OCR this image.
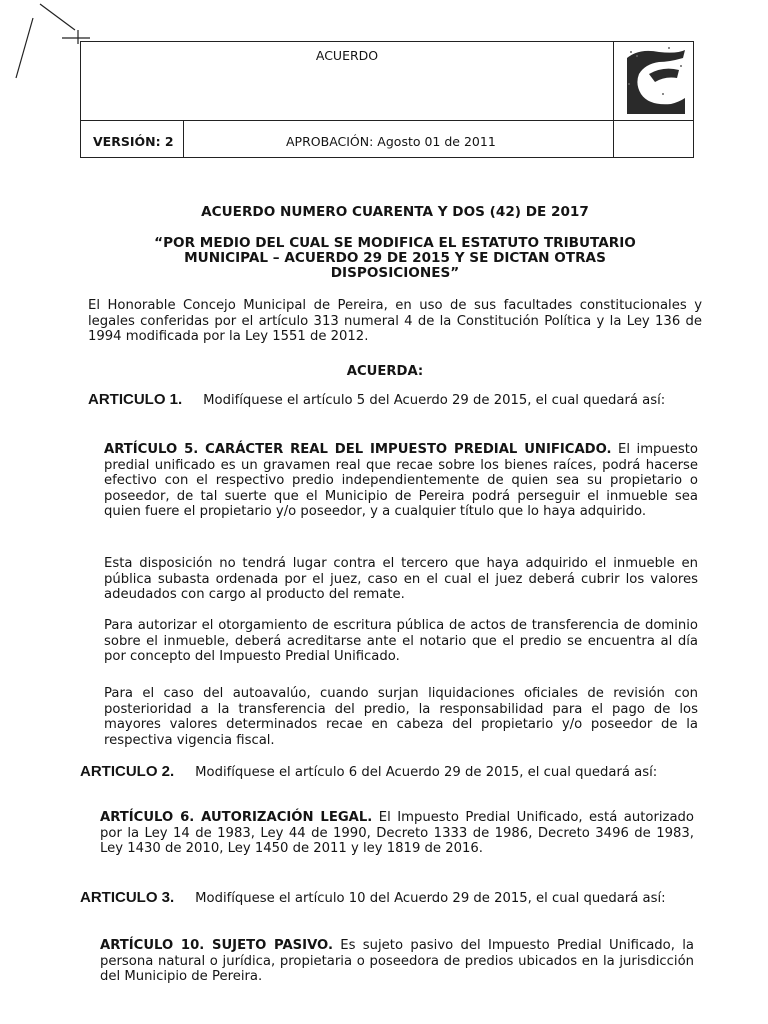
ACUERDO
VERSIÓN: 2	APROBACIÓN: Agosto 01 de 2011
ACUERDO NUMERO CUARENTA Y DOS (42) DE 2017
“POR MEDIO DEL CUAL SE MODIFICA EL ESTATUTO TRIBUTARIO MUNICIPAL – ACUERDO 29 DE 2015 Y SE DICTAN OTRAS DISPOSICIONES”
El Honorable Concejo Municipal de Pereira, en uso de sus facultades constitucionales y legales conferidas por el artículo 313 numeral 4 de la Constitución Política y la Ley 136 de 1994 modificada por la Ley 1551 de 2012.
ACUERDA:
ARTICULO 1. Modifíquese el artículo 5 del Acuerdo 29 de 2015, el cual quedará así:
ARTÍCULO 5. CARÁCTER REAL DEL IMPUESTO PREDIAL UNIFICADO. El impuesto predial unificado es un gravamen real que recae sobre los bienes raíces, podrá hacerse efectivo con el respectivo predio independientemente de quien sea su propietario o poseedor, de tal suerte que el Municipio de Pereira podrá perseguir el inmueble sea quien fuere el propietario y/o poseedor, y a cualquier título que lo haya adquirido.
Esta disposición no tendrá lugar contra el tercero que haya adquirido el inmueble en pública subasta ordenada por el juez, caso en el cual el juez deberá cubrir los valores adeudados con cargo al producto del remate.
Para autorizar el otorgamiento de escritura pública de actos de transferencia de dominio sobre el inmueble, deberá acreditarse ante el notario que el predio se encuentra al día por concepto del Impuesto Predial Unificado.
Para el caso del autoavalúo, cuando surjan liquidaciones oficiales de revisión con posterioridad a la transferencia del predio, la responsabilidad para el pago de los mayores valores determinados recae en cabeza del propietario y/o poseedor de la respectiva vigencia fiscal.
ARTICULO 2. Modifíquese el artículo 6 del Acuerdo 29 de 2015, el cual quedará así:
ARTÍCULO 6. AUTORIZACIÓN LEGAL. El Impuesto Predial Unificado, está autorizado por la Ley 14 de 1983, Ley 44 de 1990, Decreto 1333 de 1986, Decreto 3496 de 1983, Ley 1430 de 2010, Ley 1450 de 2011 y ley 1819 de 2016.
ARTICULO 3. Modifíquese el artículo 10 del Acuerdo 29 de 2015, el cual quedará así:
ARTÍCULO 10. SUJETO PASIVO. Es sujeto pasivo del Impuesto Predial Unificado, la persona natural o jurídica, propietaria o poseedora de predios ubicados en la jurisdicción del Municipio de Pereira.
